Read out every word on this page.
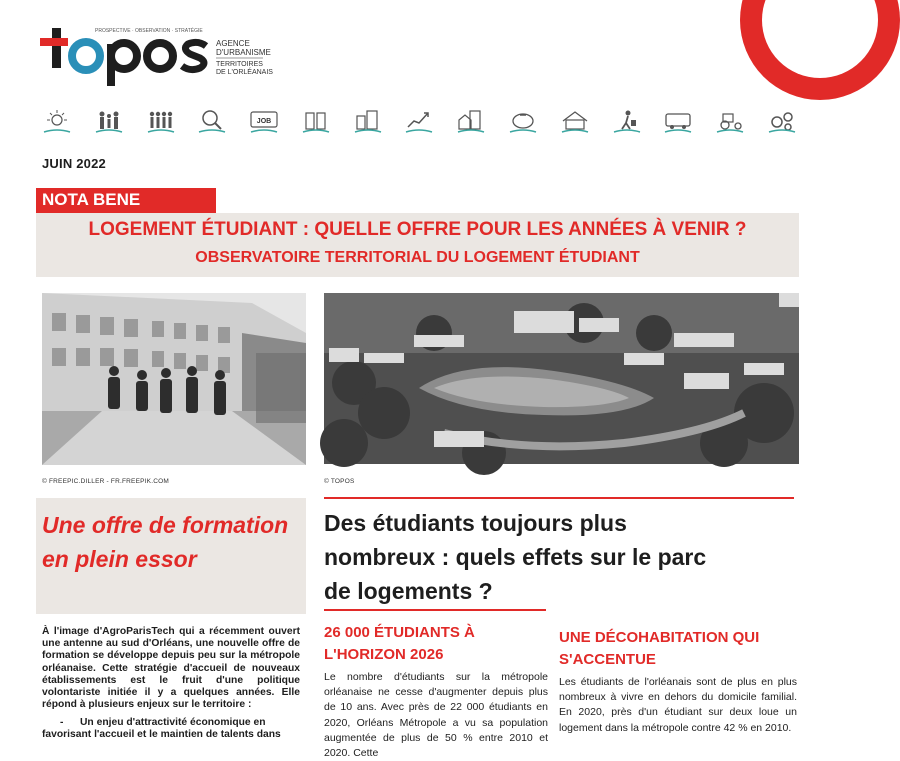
PROSPECTIVE · OBSERVATION · STRATÉGIE
AGENCE
D'URBANISME
TERRITOIRES
DE L'ORLÉANAIS
JOB
JUIN 2022
NOTA BENE
LOGEMENT ÉTUDIANT : QUELLE OFFRE POUR LES ANNÉES À VENIR ?
OBSERVATOIRE TERRITORIAL DU LOGEMENT ÉTUDIANT
© FREEPIC.DILLER - FR.FREEPIK.COM	© TOPOS
Une offre de formation en plein essor
À l'image d'AgroParisTech qui a récemment ouvert une antenne au sud d'Orléans, une nouvelle offre de formation se développe depuis peu sur la métropole orléanaise. Cette stratégie d'accueil de nouveaux établissements est le fruit d'une politique volontariste initiée il y a quelques années. Elle répond à plusieurs enjeux sur le territoire :
- Un enjeu d'attractivité économique en favorisant l'accueil et le maintien de talents dans
Des étudiants toujours plus nombreux : quels effets sur le parc de logements ?
26 000 ÉTUDIANTS À L'HORIZON 2026
Le nombre d'étudiants sur la métropole orléanaise ne cesse d'augmenter depuis plus de 10 ans. Avec près de 22 000 étudiants en 2020, Orléans Métropole a vu sa population augmentée de plus de 50 % entre 2010 et 2020. Cette
UNE DÉCOHABITATION QUI S'ACCENTUE
Les étudiants de l'orléanais sont de plus en plus nombreux à vivre en dehors du domicile familial. En 2020, près d'un étudiant sur deux loue un logement dans la métropole contre 42 % en 2010.
